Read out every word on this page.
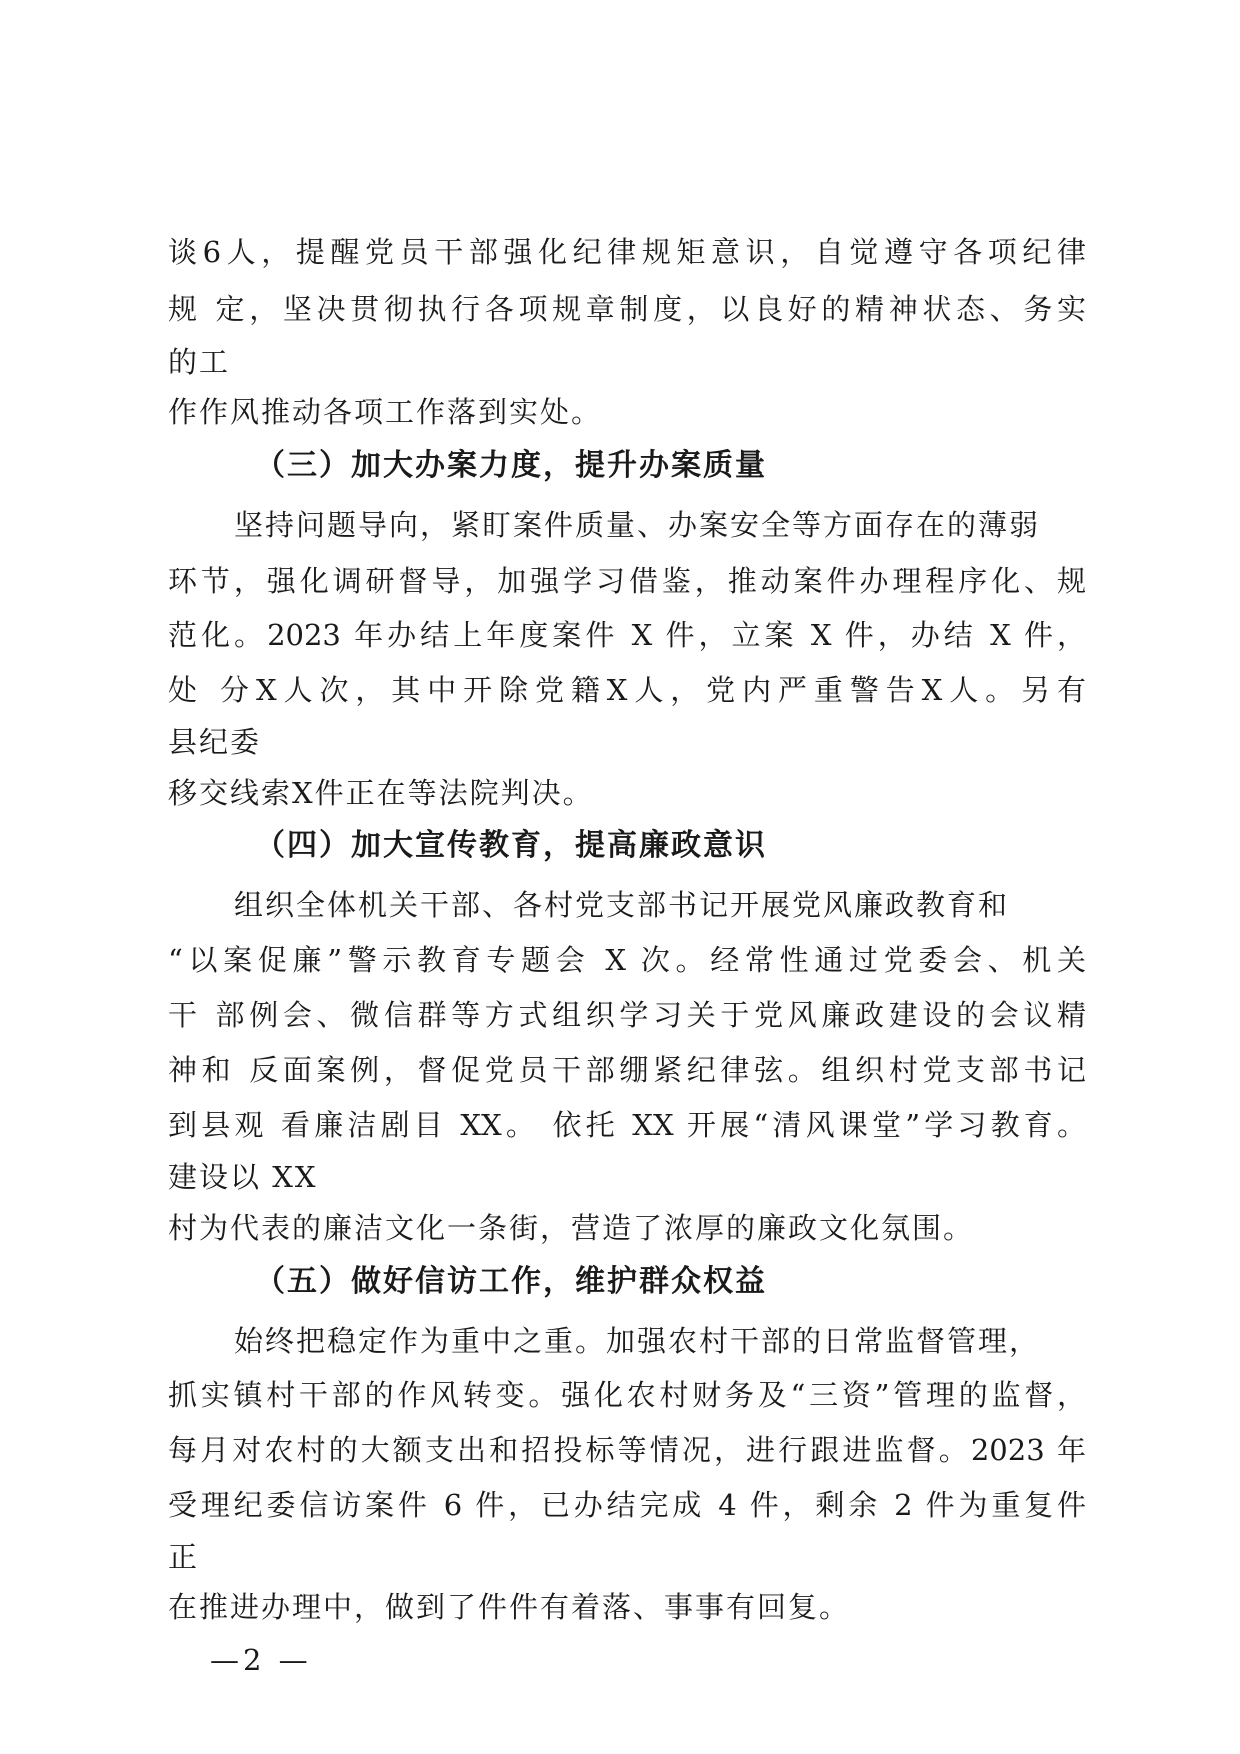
谈6人，提醒党员干部强化纪律规矩意识，自觉遵守各项纪律
规 定，坚决贯彻执行各项规章制度，以良好的精神状态、务实
的工
作作风推动各项工作落到实处。
（三）加大办案力度，提升办案质量
坚持问题导向，紧盯案件质量、办案安全等方面存在的薄弱
环节，强化调研督导，加强学习借鉴，推动案件办理程序化、规
范化。2023 年办结上年度案件 X 件，立案 X 件，办结 X 件，
处 分X人次，其中开除党籍X人，党内严重警告X人。另有
县纪委
移交线索X件正在等法院判决。
（四）加大宣传教育，提高廉政意识
组织全体机关干部、各村党支部书记开展党风廉政教育和
“以案促廉”警示教育专题会 X 次。经常性通过党委会、机关
干 部例会、微信群等方式组织学习关于党风廉政建设的会议精
神和 反面案例，督促党员干部绷紧纪律弦。组织村党支部书记
到县观 看廉洁剧目 XX。 依托 XX 开展“清风课堂”学习教育。
建设以 XX
村为代表的廉洁文化一条街，营造了浓厚的廉政文化氛围。
（五）做好信访工作，维护群众权益
始终把稳定作为重中之重。加强农村干部的日常监督管理，
抓实镇村干部的作风转变。强化农村财务及“三资”管理的监督，
每月对农村的大额支出和招投标等情况，进行跟进监督。2023 年
受理纪委信访案件 6 件，已办结完成 4 件，剩余 2 件为重复件
正
在推进办理中，做到了件件有着落、事事有回复。
—2 —
